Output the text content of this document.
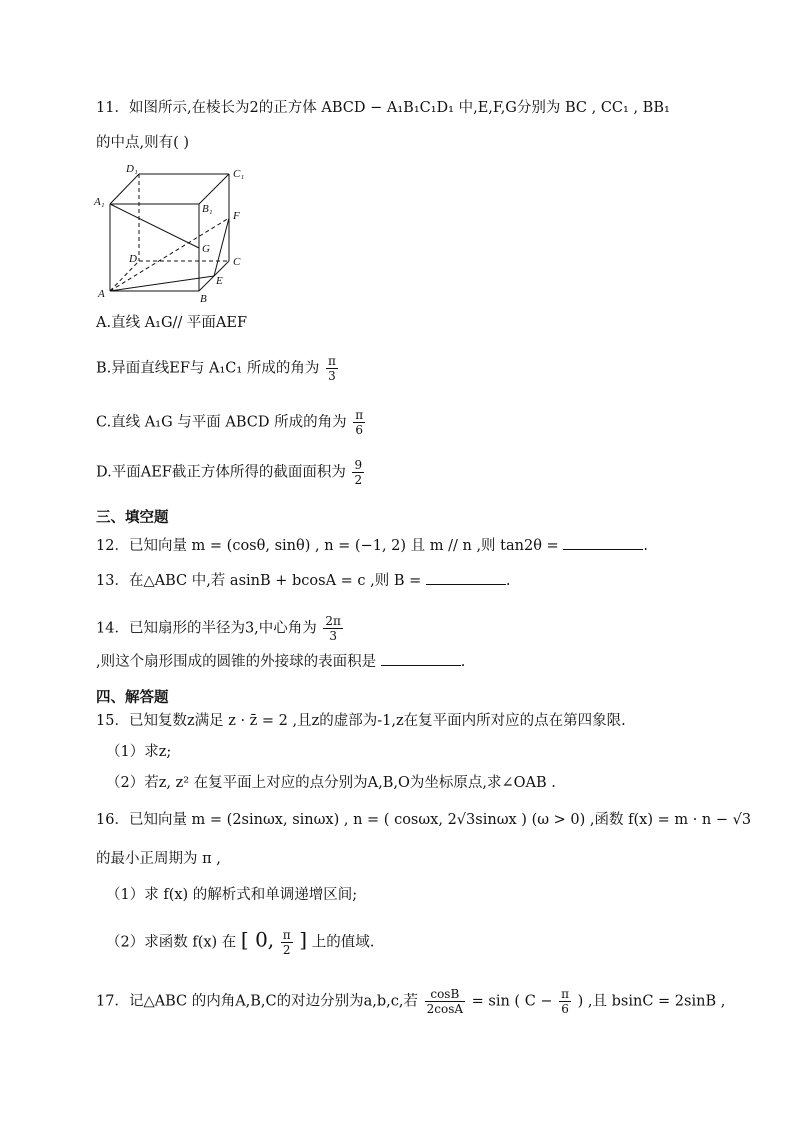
11．如图所示,在棱长为2的正方体 ABCD − A₁B₁C₁D₁ 中,E,F,G分别为 BC , CC₁ , BB₁
的中点,则有( )
D₁	C₁
A₁
B₁
F
G
D	C
E
A	B
A.直线 A₁G// 平面AEF
B.异面直线EF与 A₁C₁ 所成的角为 $\frac{\pi}{3}$
C.直线 A₁G 与平面 ABCD 所成的角为 $\frac{\pi}{6}$
D.平面AEF截正方体所得的截面面积为 $\frac{9}{2}$
三、填空题
12．已知向量 m = (cosθ, sinθ) , n = (−1, 2) 且 m // n ,则 tan2θ =	.
13．在△ABC 中,若 asinB + bcosA = c ,则 B =	.
14．已知扇形的半径为3,中心角为 $\frac{2\pi}{3}$
,则这个扇形围成的圆锥的外接球的表面积是	.
四、解答题
15．已知复数z满足 z · z̄ = 2 ,且z的虚部为-1,z在复平面内所对应的点在第四象限.
（1）求z;
（2）若z, z² 在复平面上对应的点分别为A,B,O为坐标原点,求∠OAB .
16．已知向量 m = (2sinωx, sinωx) , n = ( cosωx, 2√3sinωx ) (ω > 0) ,函数 f(x) = m · n − √3
的最小正周期为 π ,
（1）求 f(x) 的解析式和单调递增区间;
（2）求函数 f(x) 在 [ 0, $\frac{\pi}{2}$ ] 上的值域.
17．记△ABC 的内角A,B,C的对边分别为a,b,c,若 $\frac{\cos B}{2\cos A} = \sin$ ( $C - \frac{\pi}{6}$ ) ,且 bsinC = 2sinB ,
